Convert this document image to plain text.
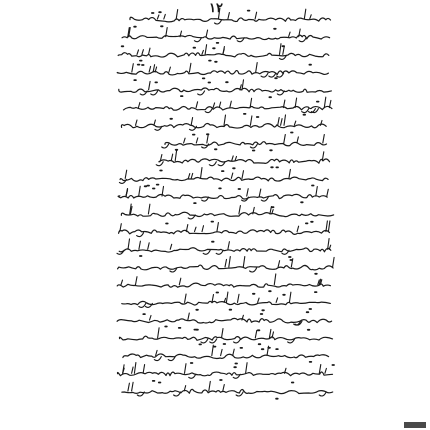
۱۲
